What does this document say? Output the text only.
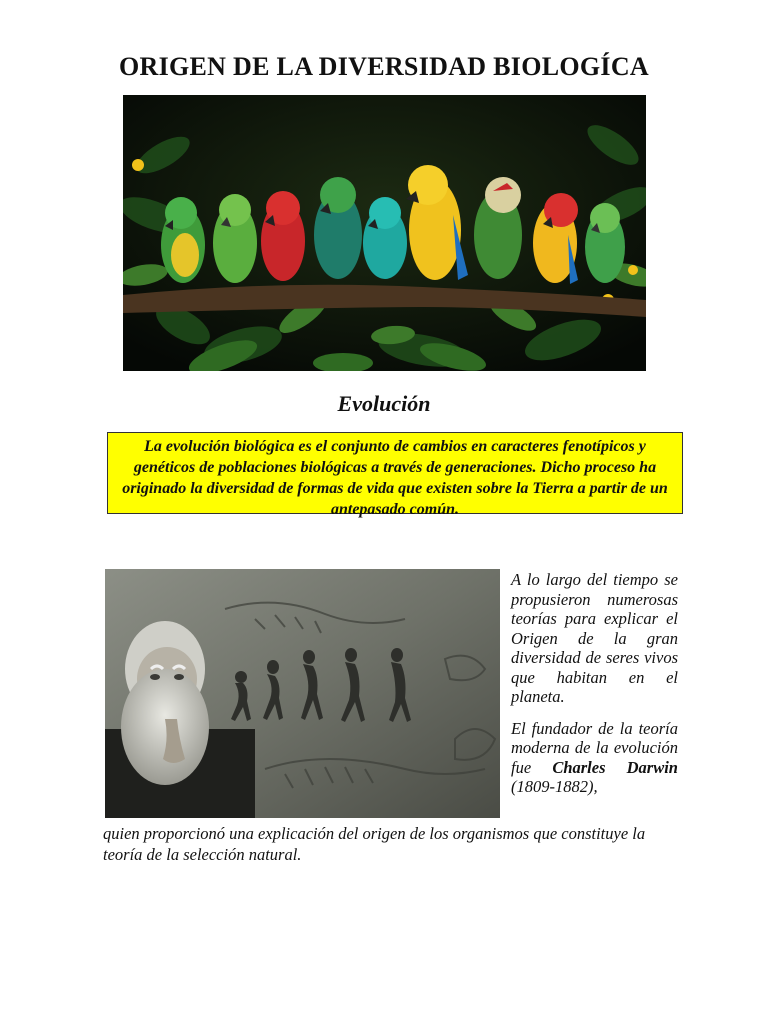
ORIGEN DE LA DIVERSIDAD BIOLOGÍCA
Evolución
La evolución biológica es el conjunto de cambios en caracteres fenotípicos y genéticos de poblaciones biológicas a través de generaciones. Dicho proceso ha originado la diversidad de formas de vida que existen sobre la Tierra a partir de un antepasado común.

A lo largo del tiempo se propusieron numerosas teorías para explicar el Origen de la gran diversidad de seres vivos que habitan en el planeta.

El fundador de la teoría moderna de la evolución fue Charles Darwin (1809-1882),

quien proporcionó una explicación del origen de los organismos que constituye la teoría de la selección natural.
